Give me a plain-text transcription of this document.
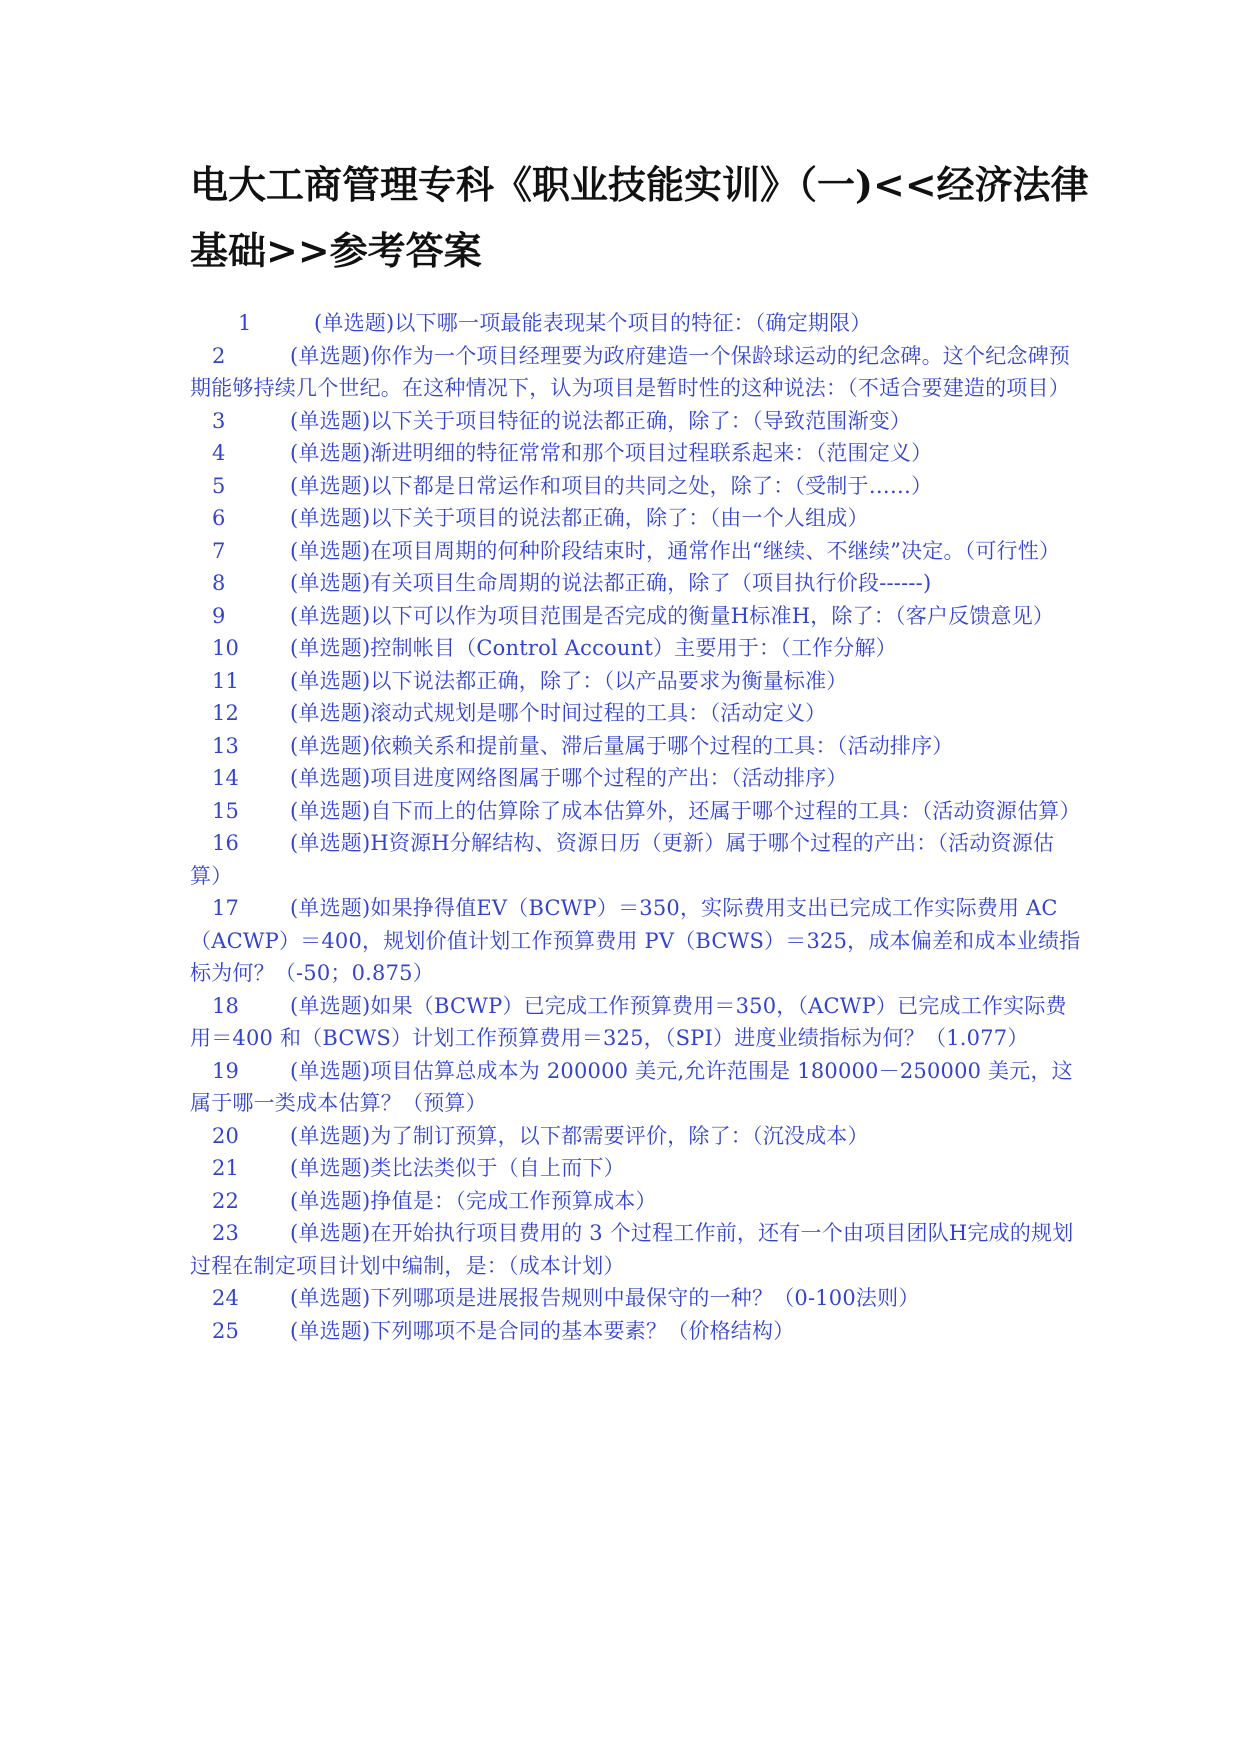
电大工商管理专科《职业技能实训》（一)<<经济法律基础>>参考答案
1	(单选题)以下哪一项最能表现某个项目的特征：（确定期限）
2	(单选题)你作为一个项目经理要为政府建造一个保龄球运动的纪念碑。这个纪念碑预期能够持续几个世纪。在这种情况下，认为项目是暂时性的这种说法：（不适合要建造的项目）
3	(单选题)以下关于项目特征的说法都正确，除了：（导致范围渐变）
4	(单选题)渐进明细的特征常常和那个项目过程联系起来：（范围定义）
5	(单选题)以下都是日常运作和项目的共同之处，除了：（受制于……）
6	(单选题)以下关于项目的说法都正确，除了：（由一个人组成）
7	(单选题)在项目周期的何种阶段结束时，通常作出“继续、不继续”决定。（可行性）
8	(单选题)有关项目生命周期的说法都正确，除了（项目执行价段------)
9	(单选题)以下可以作为项目范围是否完成的衡量H标准H，除了：（客户反馈意见）
10 (单选题)控制帐目（Control Account）主要用于：（工作分解）
11 (单选题)以下说法都正确，除了：（以产品要求为衡量标准）
12 (单选题)滚动式规划是哪个时间过程的工具：（活动定义）
13 (单选题)依赖关系和提前量、滞后量属于哪个过程的工具：（活动排序）
14 (单选题)项目进度网络图属于哪个过程的产出：（活动排序）
15 (单选题)自下而上的估算除了成本估算外，还属于哪个过程的工具：（活动资源估算）
16 (单选题)H资源H分解结构、资源日历（更新）属于哪个过程的产出：（活动资源估算）
17 (单选题)如果挣得值EV（BCWP）＝350，实际费用支出已完成工作实际费用 AC（ACWP）＝400，规划价值计划工作预算费用 PV（BCWS）＝325，成本偏差和成本业绩指标为何？（-50；0.875）
18 (单选题)如果（BCWP）已完成工作预算费用＝350，（ACWP）已完成工作实际费用＝400 和（BCWS）计划工作预算费用＝325，（SPI）进度业绩指标为何？（1.077）
19 (单选题)项目估算总成本为 200000 美元,允许范围是 180000－250000 美元，这属于哪一类成本估算？（预算）
20 (单选题)为了制订预算，以下都需要评价，除了：（沉没成本）
21 (单选题)类比法类似于（自上而下）
22 (单选题)挣值是：（完成工作预算成本）
23 (单选题)在开始执行项目费用的 3 个过程工作前，还有一个由项目团队H完成的规划过程在制定项目计划中编制，是：（成本计划）
24 (单选题)下列哪项是进展报告规则中最保守的一种？（0-100法则）
25 (单选题)下列哪项不是合同的基本要素？（价格结构）
